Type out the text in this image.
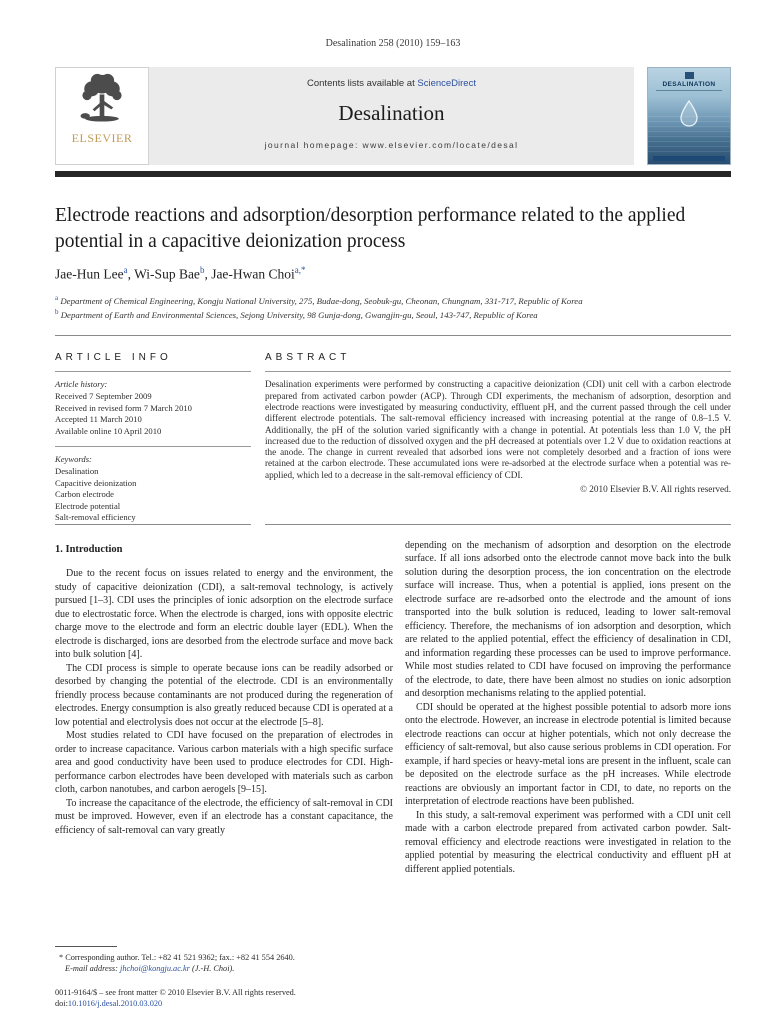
Desalination 258 (2010) 159–163
ELSEVIER
Contents lists available at ScienceDirect
Desalination
journal homepage: www.elsevier.com/locate/desal
DESALINATION
Electrode reactions and adsorption/desorption performance related to the applied potential in a capacitive deionization process
Jae-Hun Lee$^a$, Wi-Sup Bae$^b$, Jae-Hwan Choi$^{a,*}$
$^a$ Department of Chemical Engineering, Kongju National University, 275, Budae-dong, Seobuk-gu, Cheonan, Chungnam, 331-717, Republic of Korea
$^b$ Department of Earth and Environmental Sciences, Sejong University, 98 Gunja-dong, Gwangjin-gu, Seoul, 143-747, Republic of Korea
ARTICLE INFO
Article history:
Received 7 September 2009
Received in revised form 7 March 2010
Accepted 11 March 2010
Available online 10 April 2010
Keywords:
Desalination
Capacitive deionization
Carbon electrode
Electrode potential
Salt-removal efficiency
ABSTRACT
Desalination experiments were performed by constructing a capacitive deionization (CDI) unit cell with a carbon electrode prepared from activated carbon powder (ACP). Through CDI experiments, the mechanism of adsorption, desorption and electrode reactions were investigated by measuring conductivity, effluent pH, and the current passed through the cell under different electrode potentials. The salt-removal efficiency increased with increasing potential at the range of 0.8–1.5 V. Additionally, the pH of the solution varied significantly with a change in potential. At potentials less than 1.0 V, the pH increased due to the reduction of dissolved oxygen and the pH decreased at potentials over 1.2 V due to oxidation reactions at the anode. The change in current revealed that adsorbed ions were not completely desorbed and a fraction of ions were retained at the carbon electrode. These accumulated ions were re-adsorbed at the electrode surface when a potential was re-applied, which led to a decrease in the salt-removal efficiency of CDI.
© 2010 Elsevier B.V. All rights reserved.
1. Introduction

Due to the recent focus on issues related to energy and the environment, the study of capacitive deionization (CDI), a salt-removal technology, is actively pursued [1–3]. CDI uses the principles of ionic adsorption on the electrode surface due to electrostatic force. When the electrode is charged, ions with opposite electric charge move to the electrode and form an electric double layer (EDL). When the electrode is discharged, ions are desorbed from the electrode surface and move back into bulk solution [4].

The CDI process is simple to operate because ions can be readily adsorbed or desorbed by changing the potential of the electrode. CDI is an environmentally friendly process because contaminants are not produced during the regeneration of electrodes. Energy consumption is also greatly reduced because CDI is operated at a low potential and electrolysis does not occur at the electrode [5–8].

Most studies related to CDI have focused on the preparation of electrodes in order to increase capacitance. Various carbon materials with a high specific surface area and good conductivity have been used to produce electrodes for CDI. High-performance carbon electrodes have been developed with materials such as carbon cloth, carbon nanotubes, and carbon aerogels [9–15].

To increase the capacitance of the electrode, the efficiency of salt-removal in CDI must be improved. However, even if an electrode has a constant capacitance, the efficiency of salt-removal can vary greatly

* Corresponding author. Tel.: +82 41 521 9362; fax.: +82 41 554 2640.
E-mail address: jhchoi@kongju.ac.kr (J.-H. Choi).
0011-9164/$ – see front matter © 2010 Elsevier B.V. All rights reserved.
doi:10.1016/j.desal.2010.03.020

depending on the mechanism of adsorption and desorption on the electrode surface. If all ions adsorbed onto the electrode cannot move back into the bulk solution during the desorption process, the ion concentration on the electrode surface will increase. Thus, when a potential is applied, ions present on the electrode surface are re-adsorbed onto the electrode and the amount of ions transported into the bulk solution is reduced, leading to lower salt-removal efficiency. Therefore, the mechanisms of ion adsorption and desorption, which are related to the applied potential, effect the efficiency of desalination in CDI, and information regarding these processes can be used to improve performance. While most studies related to CDI have focused on improving the performance of the electrode, to date, there have been almost no studies on ionic adsorption and desorption mechanisms relating to the applied potential.

CDI should be operated at the highest possible potential to adsorb more ions onto the electrode. However, an increase in electrode potential is limited because electrode reactions can occur at higher potentials, which not only decrease the efficiency of salt-removal, but also cause serious problems in CDI operation. For example, if hard species or heavy-metal ions are present in the influent, scale can be deposited on the electrode surface as the pH increases. While electrode reactions are obviously an important factor in CDI, to date, no reports on the interpretation of electrode reactions have been published.

In this study, a salt-removal experiment was performed with a CDI unit cell made with a carbon electrode prepared from activated carbon powder. Salt-removal efficiency and electrode reactions were investigated in relation to the applied potential by measuring the electrical conductivity and effluent pH at different applied potentials.
